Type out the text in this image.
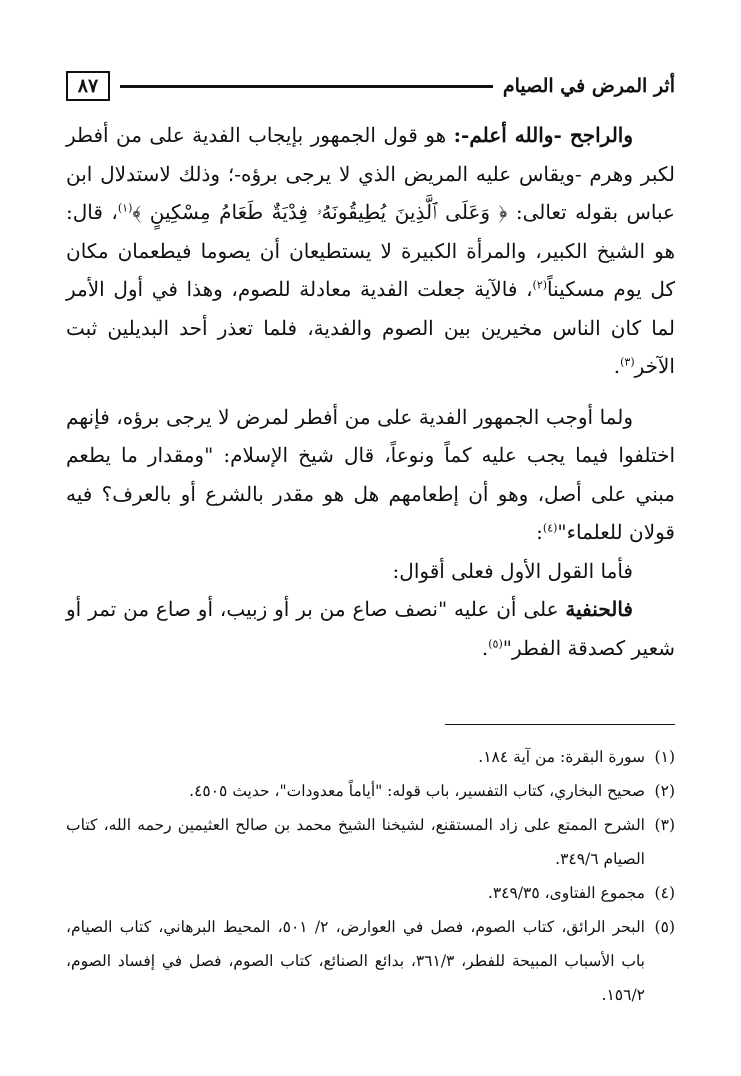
أثر المرض في الصيام
٨٧

والراجح -والله أعلم-: هو قول الجمهور بإيجاب الفدية على من أفطر لكبر وهرم -ويقاس عليه المريض الذي لا يرجى برؤه-؛ وذلك لاستدلال ابن عباس بقوله تعالى: ﴿ وَعَلَى ٱلَّذِينَ يُطِيقُونَهُۥ فِدْيَةٌ طَعَامُ مِسْكِينٍ ﴾$^{(١)}$، قال: هو الشيخ الكبير، والمرأة الكبيرة لا يستطيعان أن يصوما فيطعمان مكان كل يوم مسكيناً$^{(٢)}$، فالآية جعلت الفدية معادلة للصوم، وهذا في أول الأمر لما كان الناس مخيرين بين الصوم والفدية، فلما تعذر أحد البديلين ثبت الآخر$^{(٣)}$.

ولما أوجب الجمهور الفدية على من أفطر لمرض لا يرجى برؤه، فإنهم اختلفوا فيما يجب عليه كماً ونوعاً، قال شيخ الإسلام: "ومقدار ما يطعم مبني على أصل، وهو أن إطعامهم هل هو مقدر بالشرع أو بالعرف؟ فيه قولان للعلماء"$^{(٤)}$:

فأما القول الأول فعلى أقوال:

فالحنفية على أن عليه "نصف صاع من بر أو زبيب، أو صاع من تمر أو شعير كصدقة الفطر"$^{(٥)}$.

(١)سورة البقرة: من آية ١٨٤.

(٢)صحيح البخاري، كتاب التفسير، باب قوله: "أياماً معدودات"، حديث ٤٥٠٥.

(٣)الشرح الممتع على زاد المستقنع، لشيخنا الشيخ محمد بن صالح العثيمين رحمه الله، كتاب الصيام ٣٤٩/٦.

(٤)مجموع الفتاوى، ٣٤٩/٣٥.

(٥)البحر الرائق، كتاب الصوم، فصل في العوارض، ٢/ ٥٠١، المحيط البرهاني، كتاب الصيام، باب الأسباب المبيحة للفطر، ٣٦١/٣، بدائع الصنائع، كتاب الصوم، فصل في إفساد الصوم، ١٥٦/٢.
